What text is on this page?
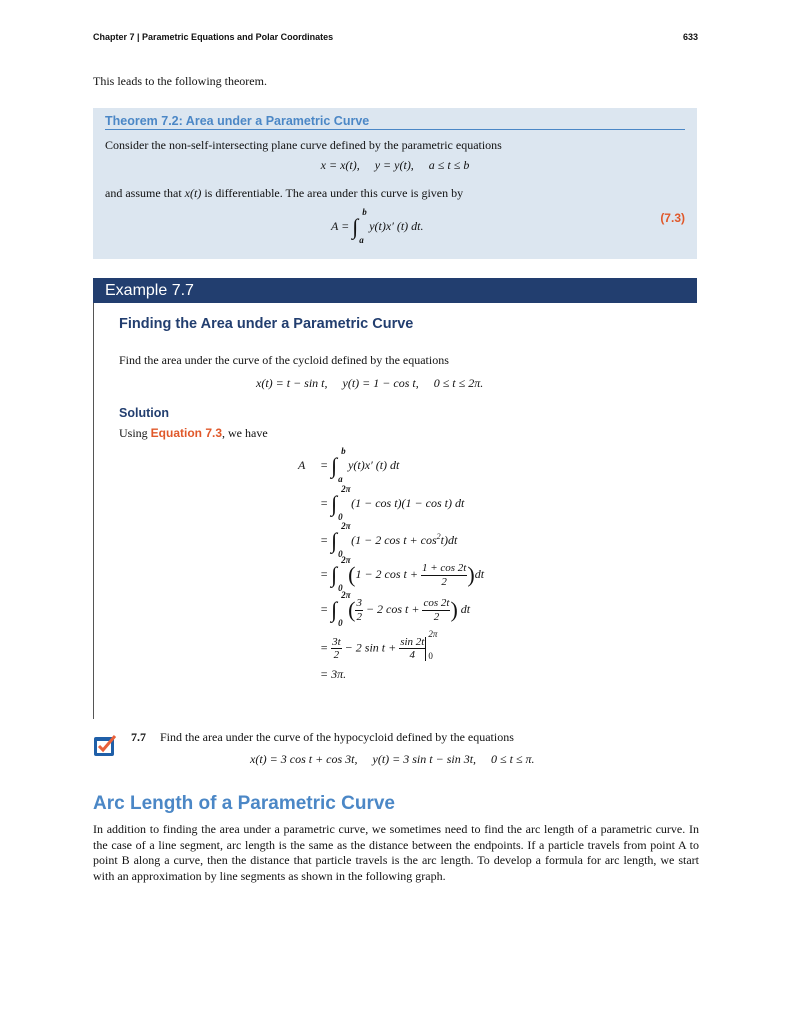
Chapter 7 | Parametric Equations and Polar Coordinates	633
This leads to the following theorem.
Theorem 7.2: Area under a Parametric Curve
Consider the non-self-intersecting plane curve defined by the parametric equations
x = x(t),     y = y(t),     a ≤ t ≤ b
and assume that x(t) is differentiable. The area under this curve is given by
A = ∫
b
a
y(t)x′ (t) dt.
(7.3)
Example 7.7
Finding the Area under a Parametric Curve
Find the area under the curve of the cycloid defined by the equations
x(t) = t − sin t,     y(t) = 1 − cos t,     0 ≤ t ≤ 2π.
Solution
Using Equation 7.3, we have
A = ∫
b
a
y(t)x′ (t) dt
= ∫
2π
0
(1 − cos t)(1 − cos t) dt
= ∫
2π
0
(1 − 2 $\cos t + \cos^2t)dt$
= ∫
2π
0
(1 − 2 $\cos t + \frac{1 + \cos 2t}{2} )dt$
= ∫
2π
0
( $\frac{3}{2} - 2$ $\cos t + \frac{\cos 2t}{2}$ ) dt
= $\frac{3t}{2} - 2$ $\sin t + \frac{\sin 2t}{4}$
2π
0
= 3π.
7.7 Find the area under the curve of the hypocycloid defined by the equations
x(t) = 3 cos t + cos 3t,     y(t) = 3 sin t − sin 3t,     0 ≤ t ≤ π.
Arc Length of a Parametric Curve
In addition to finding the area under a parametric curve, we sometimes need to find the arc length of a parametric curve. In the case of a line segment, arc length is the same as the distance between the endpoints. If a particle travels from point A to point B along a curve, then the distance that particle travels is the arc length. To develop a formula for arc length, we start with an approximation by line segments as shown in the following graph.
